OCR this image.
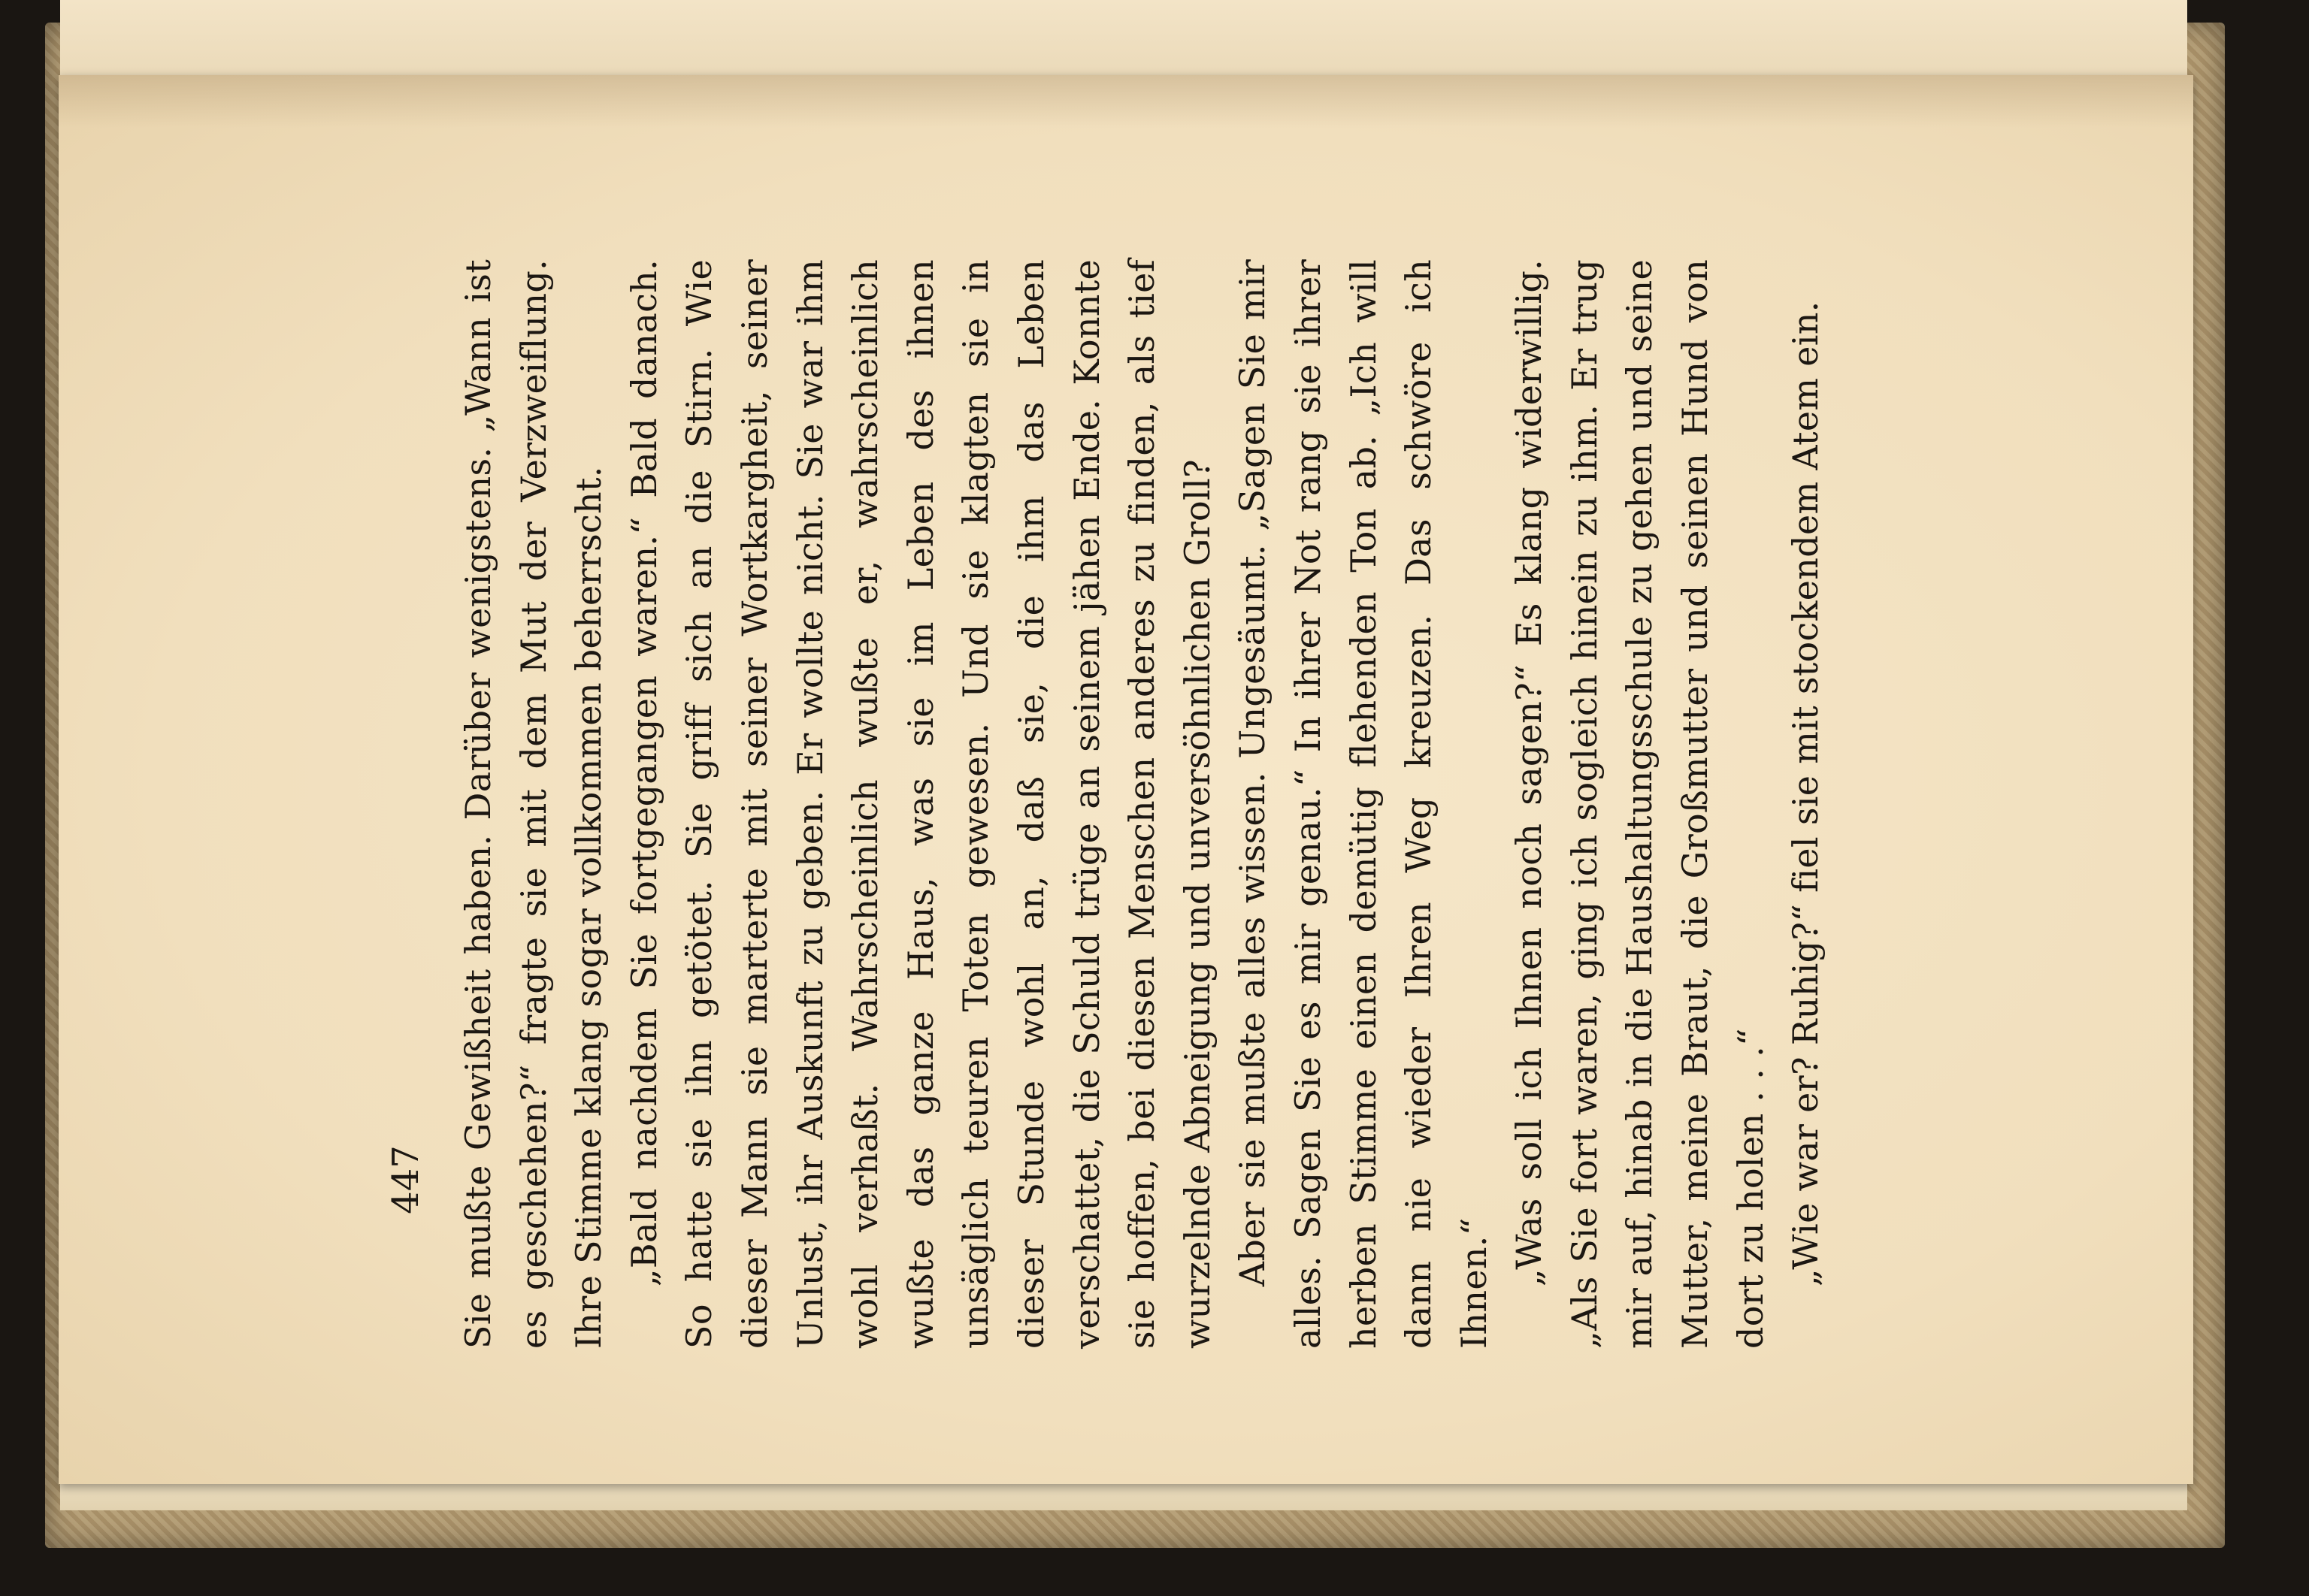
Sie mußte Gewißheit haben. Darüber wenigstens. „Wann ist es geschehen?“ fragte sie mit dem Mut der Verzweiflung. Ihre Stimme klang sogar vollkommen beherrscht. „Bald nachdem Sie fortgegangen waren.“ Bald danach. So hatte sie ihn getötet. Sie griff sich an die Stirn. Wie dieser Mann sie marterte mit seiner Wortkargheit, seiner Unlust, ihr Auskunft zu geben. Er wollte nicht. Sie war ihm wohl verhaßt. Wahrscheinlich wußte er, wahrscheinlich wußte das ganze Haus, was sie im Leben des ihnen unsäglich teuren Toten gewesen. Und sie klagten sie in dieser Stunde wohl an, daß sie, die ihm das Leben verschattet, die Schuld trüge an seinem jähen Ende. Konnte sie hoffen, bei diesen Menschen anderes zu finden, als tief wurzelnde Abneigung und unversöhnlichen Groll? Aber sie mußte alles wissen. Ungesäumt. „Sagen Sie mir alles. Sagen Sie es mir genau.“ In ihrer Not rang sie ihrer herben Stimme einen demütig flehenden Ton ab. „Ich will dann nie wieder Ihren Weg kreuzen. Das schwöre ich Ihnen.“ „Was soll ich Ihnen noch sagen?“ Es klang widerwillig. „Als Sie fort waren, ging ich sogleich hinein zu ihm. Er trug mir auf, hinab in die Haushaltungsschule zu gehen und seine Mutter, meine Braut, die Großmutter und seinen Hund von dort zu holen . . .“ „Wie war er? Ruhig?“ fiel sie mit stockendem Atem ein.

447
